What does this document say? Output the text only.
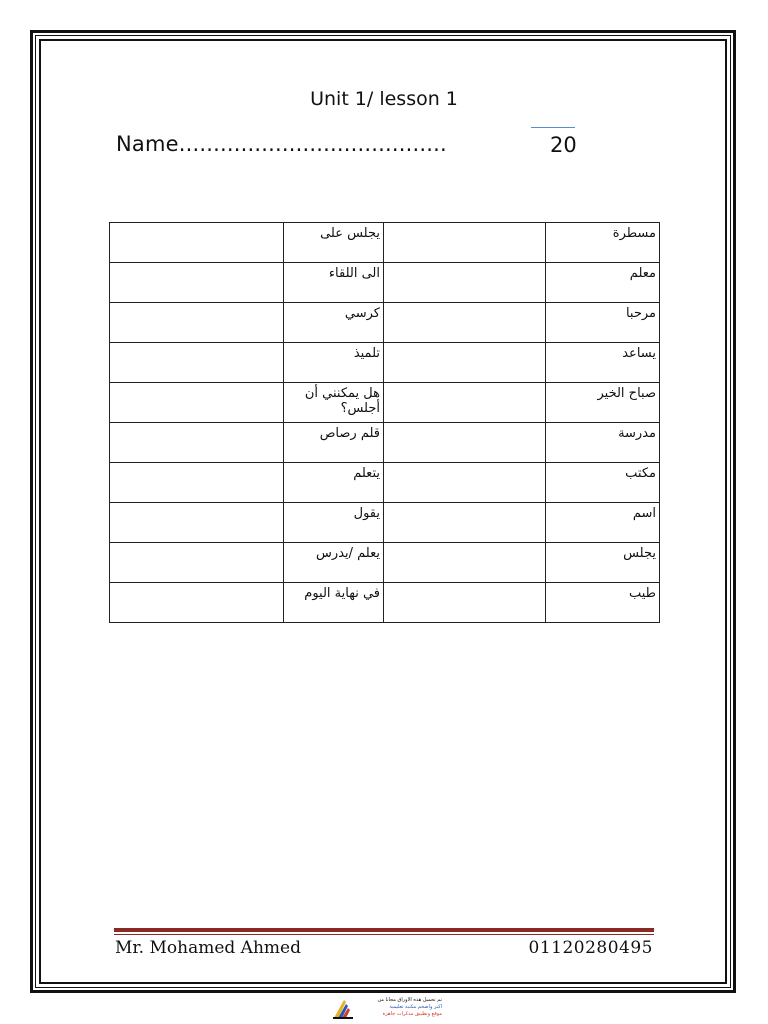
Unit 1/ lesson 1
Name.......................................	20
	يجلس على		مسطرة
	الى اللقاء		معلم
	كرسي		مرحبا
	تلميذ		يساعد
	هل يمكنني أن أجلس؟		صباح الخير
	قلم رصاص		مدرسة
	يتعلم		مكتب
	يقول		اسم
	يعلم /يدرس		يجلس
	في نهاية اليوم		طيب
Mr. Mohamed Ahmed	01120280495
تم تحميل هذه الأوراق مجانا من
اكبر واضخم مكتبة تعليمية
موقع وتطبيق مذكرات جاهزة
